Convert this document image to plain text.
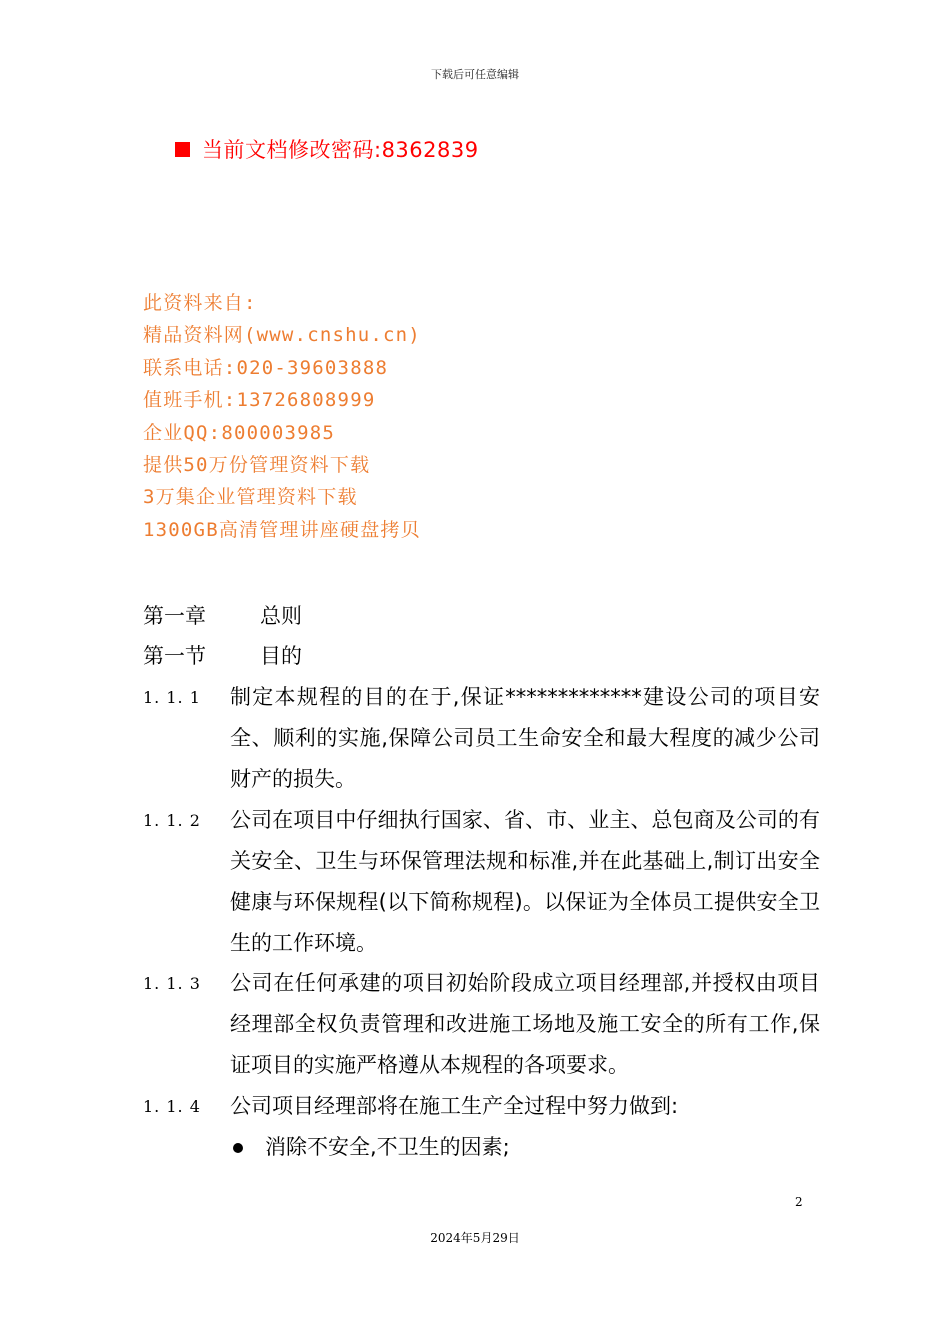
下载后可任意编辑
当前文档修改密码:8362839
此资料来自:
精品资料网(www.cnshu.cn)
联系电话:020-39603888
值班手机:13726808999
企业QQ:800003985
提供50万份管理资料下载
3万集企业管理资料下载
1300GB高清管理讲座硬盘拷贝
第一章	总则
第一节	目的
1. 1. 1 制定本规程的目的在于,保证*************建设公司的项目安全、顺利的实施,保障公司员工生命安全和最大程度的减少公司财产的损失。
1. 1. 2 公司在项目中仔细执行国家、省、市、业主、总包商及公司的有关安全、卫生与环保管理法规和标准,并在此基础上,制订出安全健康与环保规程(以下简称规程)。以保证为全体员工提供安全卫生的工作环境。
1. 1. 3 公司在任何承建的项目初始阶段成立项目经理部,并授权由项目经理部全权负责管理和改进施工场地及施工安全的所有工作,保证项目的实施严格遵从本规程的各项要求。
1. 1. 4 公司项目经理部将在施工生产全过程中努力做到:
消除不安全,不卫生的因素;
2
2024年5月29日
